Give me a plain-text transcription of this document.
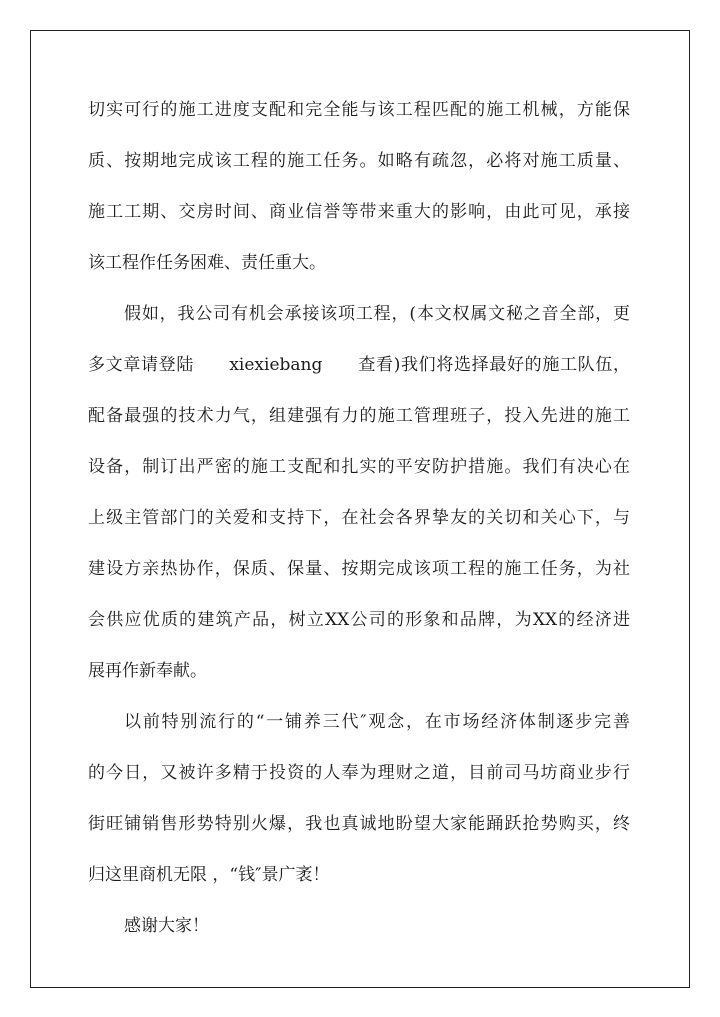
切实可行的施工进度支配和完全能与该工程匹配的施工机械，方能保
质、按期地完成该工程的施工任务。如略有疏忽，必将对施工质量、
施工工期、交房时间、商业信誉等带来重大的影响，由此可见，承接
该工程作任务困难、责任重大。
假如，我公司有机会承接该项工程，(本文权属文秘之音全部，更
多文章请登陆　　xiexiebang　　查看)我们将选择最好的施工队伍，
配备最强的技术力气，组建强有力的施工管理班子，投入先进的施工
设备，制订出严密的施工支配和扎实的平安防护措施。我们有决心在
上级主管部门的关爱和支持下，在社会各界挚友的关切和关心下，与
建设方亲热协作，保质、保量、按期完成该项工程的施工任务，为社
会供应优质的建筑产品，树立XX公司的形象和品牌，为XX的经济进
展再作新奉献。
以前特别流行的“一铺养三代″观念，在市场经济体制逐步完善
的今日，又被许多精于投资的人奉为理财之道，目前司马坊商业步行
街旺铺销售形势特别火爆，我也真诚地盼望大家能踊跃抢势购买，终
归这里商机无限 ，“钱″景广袤！
感谢大家！
